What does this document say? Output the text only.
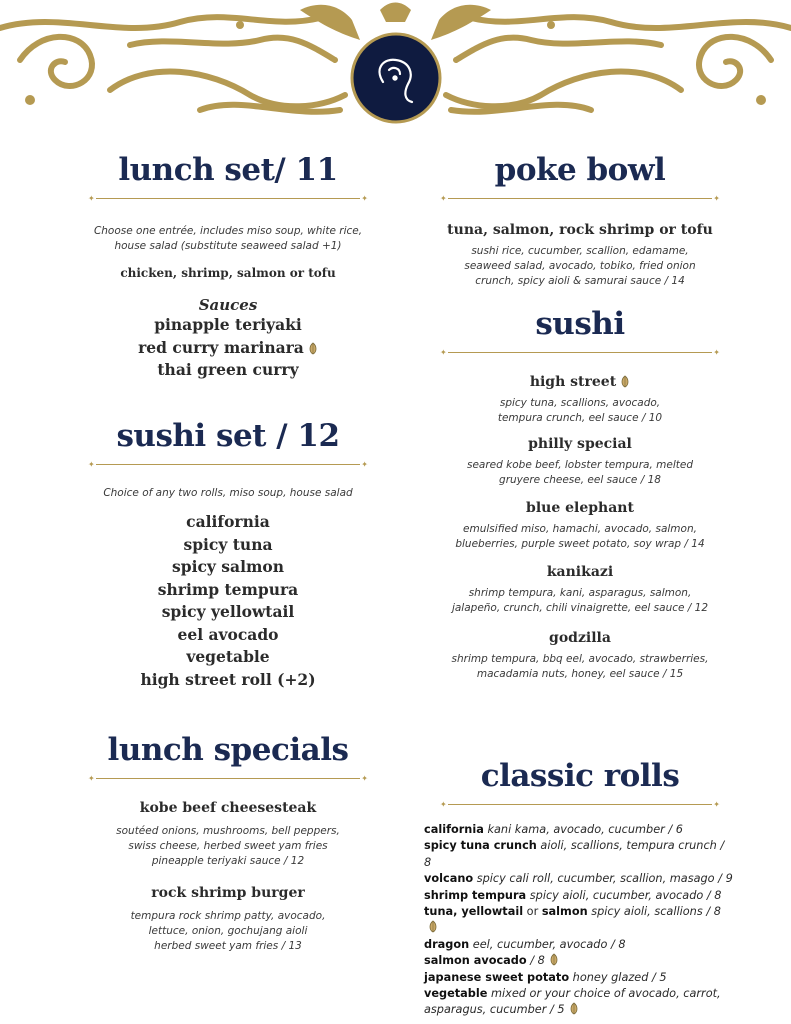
lunch set/ 11
✦	✦
Choose one entrée, includes miso soup, white rice,
house salad (substitute seaweed salad +1)
chicken, shrimp, salmon or tofu
Sauces
pinapple teriyaki
red curry marinara
thai green curry
sushi set / 12
✦	✦
Choice of any two rolls, miso soup, house salad
california
spicy tuna
spicy salmon
shrimp tempura
spicy yellowtail
eel avocado
vegetable
high street roll (+2)
lunch specials
✦	✦
kobe beef cheesesteak
soutéed onions, mushrooms, bell peppers,
swiss cheese, herbed sweet yam fries
pineapple teriyaki sauce / 12
rock shrimp burger
tempura rock shrimp patty, avocado,
lettuce, onion, gochujang aioli
herbed sweet yam fries / 13
poke bowl
✦	✦
tuna, salmon, rock shrimp or tofu
sushi rice, cucumber, scallion, edamame,
seaweed salad, avocado, tobiko, fried onion
crunch, spicy aioli & samurai sauce / 14
sushi
✦	✦
high street
spicy tuna, scallions, avocado,
tempura crunch, eel sauce / 10
philly special
seared kobe beef, lobster tempura, melted
gruyere cheese, eel sauce / 18
blue elephant
emulsified miso, hamachi, avocado, salmon,
blueberries, purple sweet potato, soy wrap / 14
kanikazi
shrimp tempura, kani, asparagus, salmon,
jalapeño, crunch, chili vinaigrette, eel sauce / 12
godzilla
shrimp tempura, bbq eel, avocado, strawberries,
macadamia nuts, honey, eel sauce / 15
classic rolls
✦	✦
california kani kama, avocado, cucumber / 6
spicy tuna crunch aioli, scallions, tempura crunch / 8
volcano spicy cali roll, cucumber, scallion, masago / 9
shrimp tempura spicy aioli, cucumber, avocado / 8
tuna, yellowtail or salmon spicy aioli, scallions / 8
dragon eel, cucumber, avocado / 8
salmon avocado / 8
japanese sweet potato honey glazed / 5
vegetable mixed or your choice of avocado, carrot,
asparagus, cucumber / 5
